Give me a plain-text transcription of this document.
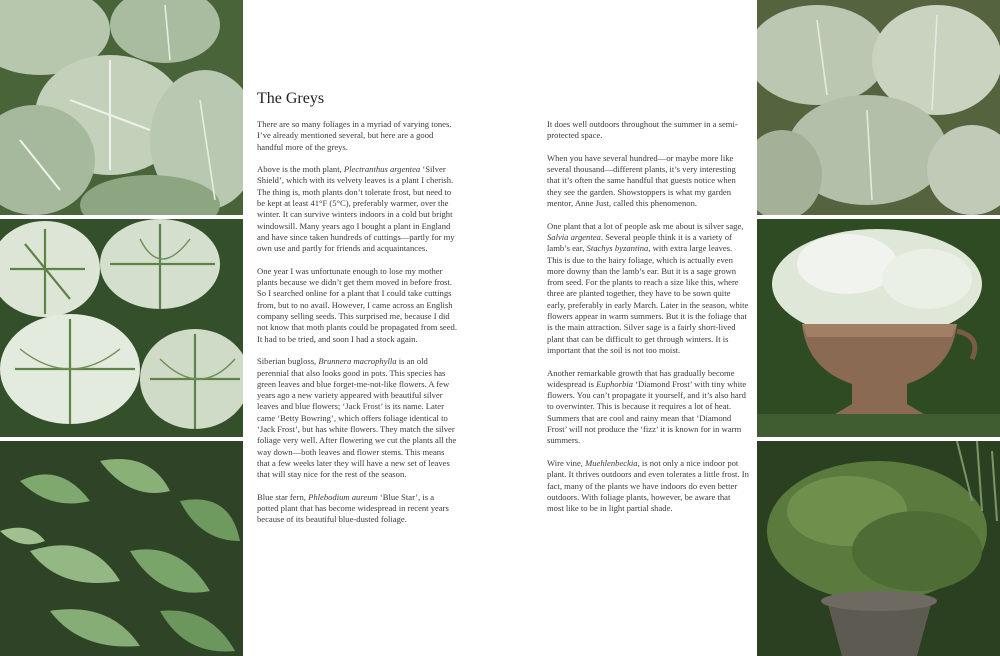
The Greys

There are so many foliages in a myriad of varying tones. I’ve already mentioned several, but here are a good handful more of the greys.

Above is the moth plant, Plectranthus argentea ‘Silver Shield’, which with its velvety leaves is a plant I cherish. The thing is, moth plants don’t tolerate frost, but need to be kept at least 41°F (5°C), preferably warmer, over the winter. It can survive winters indoors in a cold but bright windowsill. Many years ago I bought a plant in England and have since taken hundreds of cuttings—partly for my own use and partly for friends and acquaintances.

One year I was unfortunate enough to lose my mother plants because we didn’t get them moved in before frost. So I searched online for a plant that I could take cuttings from, but to no avail. However, I came across an English company selling seeds. This surprised me, because I did not know that moth plants could be propagated from seed. It had to be tried, and soon I had a stock again.

Siberian bugloss, Brunnera macrophylla is an old perennial that also looks good in pots. This species has green leaves and blue forget-me-not-like flowers. A few years ago a new variety appeared with beautiful silver leaves and blue flowers; ‘Jack Frost’ is its name. Later came ‘Betty Bowring’, which offers foliage identical to ‘Jack Frost’, but has white flowers. They match the silver foliage very well. After flowering we cut the plants all the way down—both leaves and flower stems. This means that a few weeks later they will have a new set of leaves that will stay nice for the rest of the season.

Blue star fern, Phlebodium aureum ‘Blue Star’, is a potted plant that has become widespread in recent years because of its beautiful blue-dusted foliage.

It does well outdoors throughout the summer in a semi-protected space.

When you have several hundred—or maybe more like several thousand—different plants, it’s very interesting that it’s often the same handful that guests notice when they see the garden. Showstoppers is what my garden mentor, Anne Just, called this phenomenon.

One plant that a lot of people ask me about is silver sage, Salvia argentea. Several people think it is a variety of lamb’s ear, Stachys byzantina, with extra large leaves. This is due to the hairy foliage, which is actually even more downy than the lamb’s ear. But it is a sage grown from seed. For the plants to reach a size like this, where three are planted together, they have to be sown quite early, preferably in early March. Later in the season, white flowers appear in warm summers. But it is the foliage that is the main attraction. Silver sage is a fairly short-lived plant that can be difficult to get through winters. It is important that the soil is not too moist.

Another remarkable growth that has gradually become widespread is Euphorbia ‘Diamond Frost’ with tiny white flowers. You can’t propagate it yourself, and it’s also hard to overwinter. This is because it requires a lot of heat. Summers that are cool and rainy mean that ‘Diamond Frost’ will not produce the ‘fizz’ it is known for in warm summers.

Wire vine, Muehlenbeckia, is not only a nice indoor pot plant. It thrives outdoors and even tolerates a little frost. In fact, many of the plants we have indoors do even better outdoors. With foliage plants, however, be aware that most like to be in light partial shade.
